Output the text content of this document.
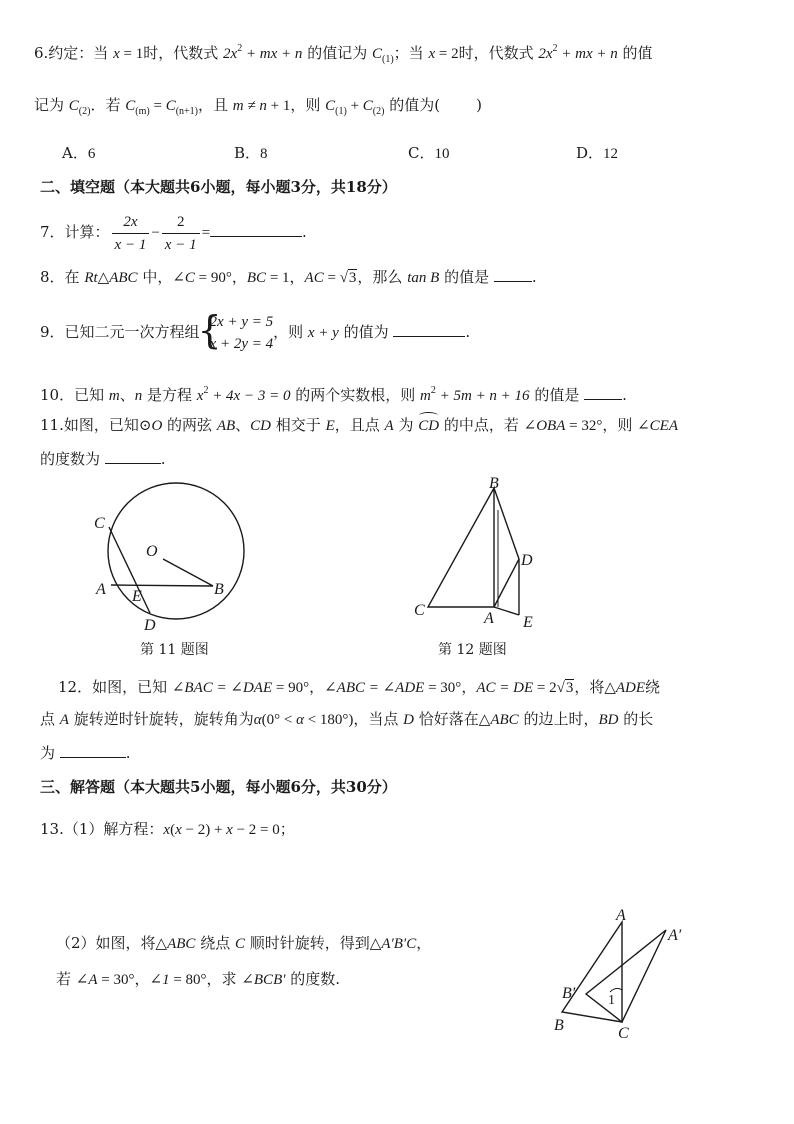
6.约定：当 x = 1时，代数式 $2x^2$ + mx + n 的值记为 $C_{(1)}$；当 x = 2时，代数式 $2x^2$ + mx + n 的值
记为 $C_{(2)}$．若 $C_{(m)} = C_{(n+1)}$，且 m ≠ n + 1，则 $C_{(1)} + C_{(2)}$ 的值为( )
A．6	B．8	C．10	D．12
二、填空题（本大题共6小题，每小题3分，共18分）
7．计算： $\frac{2x}{x - 1} - \frac{2}{x - 1}$ =	.
8．在 Rt△ABC 中，∠C = 90°，BC = 1，AC = √3，那么 tan B 的值是	.
9．已知二元一次方程组
{
2x + y = 5
x + 2y = 4
，则 x + y 的值为	.
10．已知 m、n 是方程 $x^2 + 4x - 3 = 0$ 的两个实数根，则 $m^2 + 5m + n + 16$ 的值是	.
11.如图，已知⊙O 的两弦 AB、CD 相交于 E，且点 A 为 CD 的中点，若 ∠OBA = 32°，则 ∠CEA
的度数为	.
C
O
A E	B
D
第 11 题图
B
D
C	A E
第 12 题图
12．如图，已知 ∠BAC = ∠DAE = 90°，∠ABC = ∠ADE = 30°，AC = DE = 2√3，将△ADE绕
点 A 旋转逆时针旋转，旋转角为α(0° < α < 180°)，当点 D 恰好落在△ABC 的边上时，BD 的长
为	.
三、解答题（本大题共5小题，每小题6分，共30分）
13.（1）解方程：x(x − 2) + x − 2 = 0；
（2）如图，将△ABC 绕点 C 顺时针旋转，得到△A′B′C，
若 ∠A = 30°，∠1 = 80°，求 ∠BCB′ 的度数.
A
A′
B′ 1
B	C
